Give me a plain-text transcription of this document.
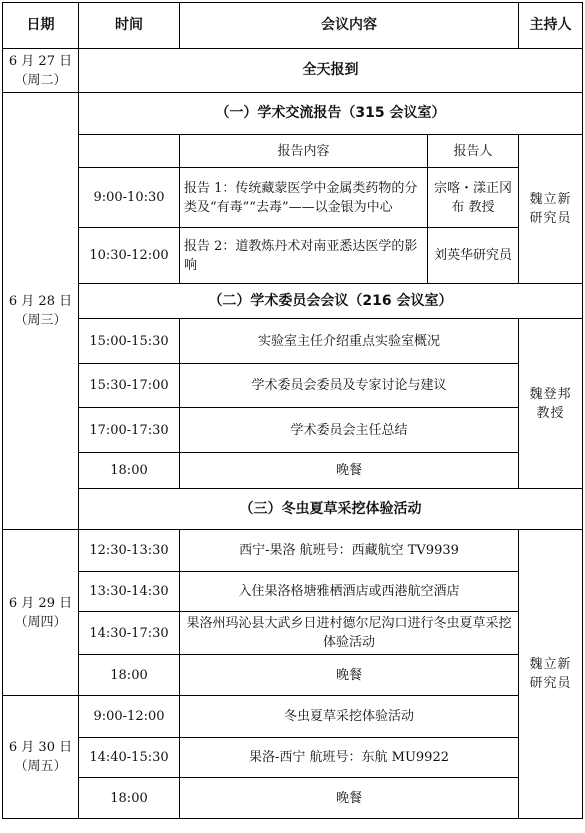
日期	时间	会议内容		主持人

6 月 27 日
（周二）	全天报到			

6 月 28 日
（周三）	（一）学术交流报告（315 会议室）			
		报告内容	报告人	魏立新研究员
	9:00-10:30	报告 1：传统藏蒙医学中金属类药物的分类及“有毒”“去毒”——以金银为中心	宗喀・漾正冈布 教授	
	10:30-12:00	报告 2：道教炼丹术对南亚悉达医学的影响	刘英华研究员	
	（二）学术委员会会议（216 会议室）			
	15:00-15:30	实验室主任介绍重点实验室概况		魏登邦教授
	15:30-17:00	学术委员会委员及专家讨论与建议		
	17:00-17:30	学术委员会主任总结		
	18:00	晚餐		
	（三）冬虫夏草采挖体验活动			

6 月 29 日
（周四）	12:30-13:30	西宁-果洛 航班号：西藏航空 TV9939		魏立新研究员
	13:30-14:30	入住果洛格塘雅栖酒店或西港航空酒店		
	14:30-17:30	果洛州玛沁县大武乡日进村德尔尼沟口进行冬虫夏草采挖体验活动		
	18:00	晚餐		

6 月 30 日
（周五）	9:00-12:00	冬虫夏草采挖体验活动		
	14:40-15:30	果洛-西宁 航班号：东航 MU9922		
	18:00	晚餐		
